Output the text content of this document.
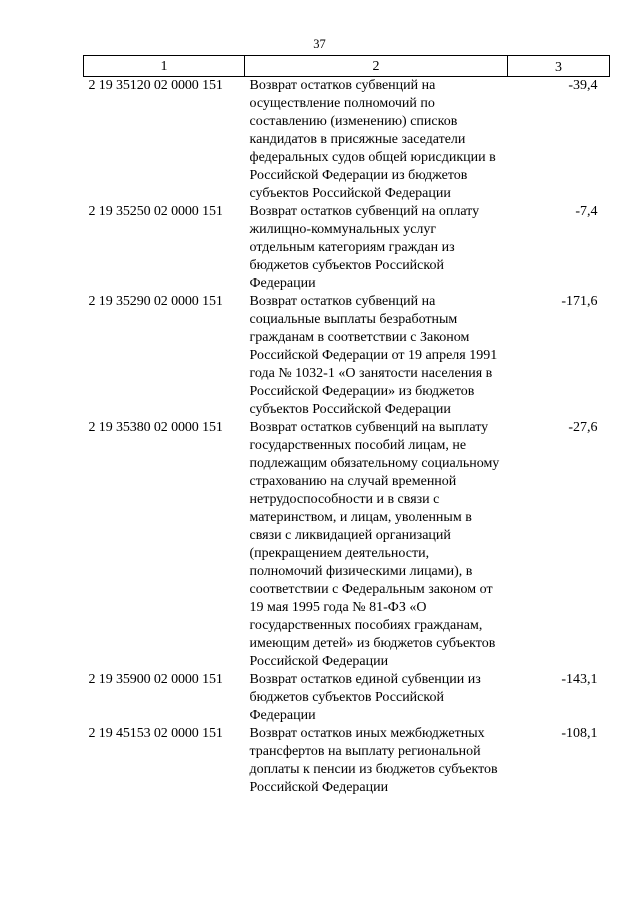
37
1	2	3
2 19 35120 02 0000 151	Возврат остатков субвенций на осуществление полномочий по составлению (изменению) списков кандидатов в присяжные заседатели федеральных судов общей юрисдикции в Российской Федерации из бюджетов субъектов Российской Федерации	-39,4
2 19 35250 02 0000 151	Возврат остатков субвенций на оплату жилищно-коммунальных услуг отдельным категориям граждан из бюджетов субъектов Российской Федерации	-7,4
2 19 35290 02 0000 151	Возврат остатков субвенций на социальные выплаты безработным гражданам в соответствии с Законом Российской Федерации от 19 апреля 1991 года № 1032-1 «О занятости населения в Российской Федерации» из бюджетов субъектов Российской Федерации	-171,6
2 19 35380 02 0000 151	Возврат остатков субвенций на выплату государственных пособий лицам, не подлежащим обязательному социальному страхованию на случай временной нетрудоспособности и в связи с материнством, и лицам, уволенным в связи с ликвидацией организаций (прекращением деятельности, полномочий физическими лицами), в соответствии с Федеральным законом от 19 мая 1995 года № 81-ФЗ «О государственных пособиях гражданам, имеющим детей» из бюджетов субъектов Российской Федерации	-27,6
2 19 35900 02 0000 151	Возврат остатков единой субвенции из бюджетов субъектов Российской Федерации	-143,1
2 19 45153 02 0000 151	Возврат остатков иных межбюджетных трансфертов на выплату региональной доплаты к пенсии из бюджетов субъектов Российской Федерации	-108,1
